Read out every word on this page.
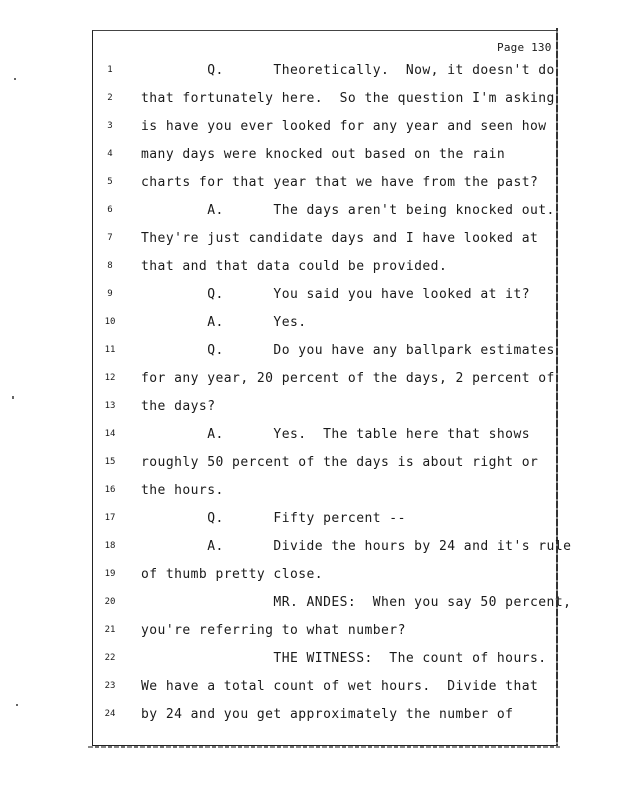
Page 130
1	Q.      Theoretically.  Now, it doesn't do
2	that fortunately here.  So the question I'm asking
3	is have you ever looked for any year and seen how
4	many days were knocked out based on the rain
5	charts for that year that we have from the past?
6	A.      The days aren't being knocked out.
7	They're just candidate days and I have looked at
8	that and that data could be provided.
9	Q.      You said you have looked at it?
10	A.      Yes.
11	Q.      Do you have any ballpark estimates
12	for any year, 20 percent of the days, 2 percent of
13	the days?
14	A.      Yes.  The table here that shows
15	roughly 50 percent of the days is about right or
16	the hours.
17	Q.      Fifty percent --
18	A.      Divide the hours by 24 and it's rule
19	of thumb pretty close.
20	MR. ANDES:  When you say 50 percent,
21	you're referring to what number?
22	THE WITNESS:  The count of hours.
23	We have a total count of wet hours.  Divide that
24	by 24 and you get approximately the number of
